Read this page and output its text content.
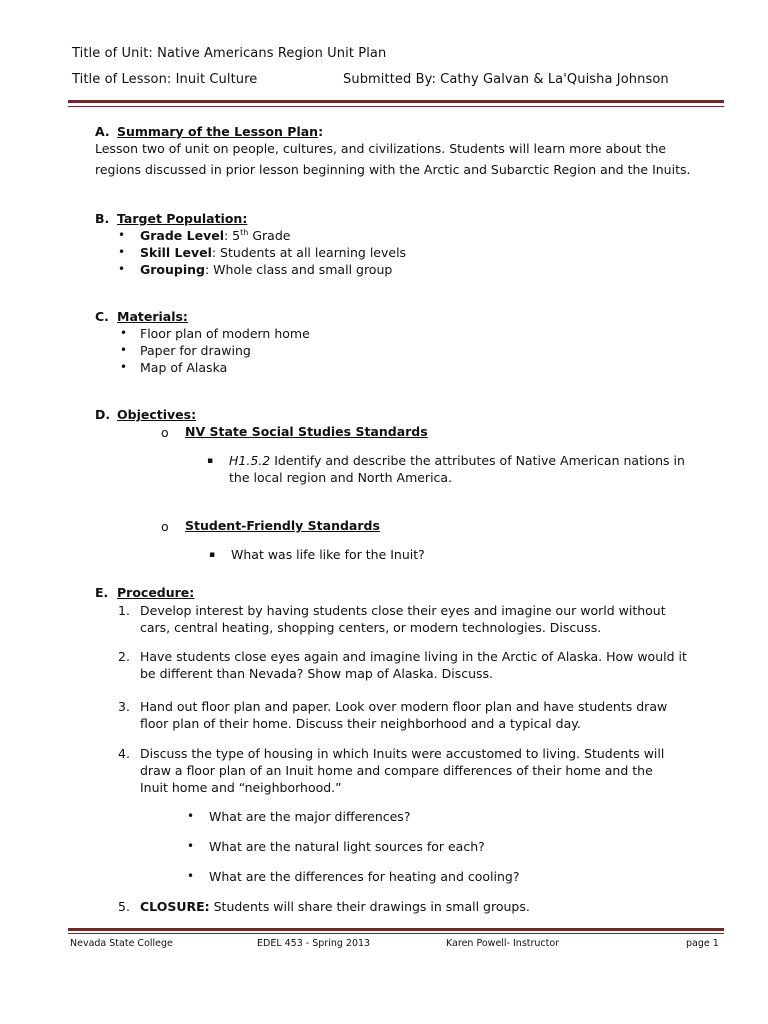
Title of Unit: Native Americans Region Unit Plan
Title of Lesson: Inuit Culture	Submitted By: Cathy Galvan & La'Quisha Johnson
A. Summary of the Lesson Plan:
Lesson two of unit on people, cultures, and civilizations. Students will learn more about the
regions discussed in prior lesson beginning with the Arctic and Subarctic Region and the Inuits.
B. Target Population:
• Grade Level: 5th Grade
• Skill Level: Students at all learning levels
• Grouping: Whole class and small group
C. Materials:
• Floor plan of modern home
• Paper for drawing
• Map of Alaska
D. Objectives:
o NV State Social Studies Standards
▪ H1.5.2 Identify and describe the attributes of Native American nations in
the local region and North America.
o Student-Friendly Standards
▪ What was life like for the Inuit?
E. Procedure:
1. Develop interest by having students close their eyes and imagine our world without
cars, central heating, shopping centers, or modern technologies. Discuss.
2. Have students close eyes again and imagine living in the Arctic of Alaska. How would it
be different than Nevada? Show map of Alaska. Discuss.
3. Hand out floor plan and paper. Look over modern floor plan and have students draw
floor plan of their home. Discuss their neighborhood and a typical day.
4. Discuss the type of housing in which Inuits were accustomed to living. Students will
draw a floor plan of an Inuit home and compare differences of their home and the
Inuit home and “neighborhood.”
• What are the major differences?
• What are the natural light sources for each?
• What are the differences for heating and cooling?
5. CLOSURE: Students will share their drawings in small groups.
Nevada State College	EDEL 453 - Spring 2013	Karen Powell- Instructor	page 1
